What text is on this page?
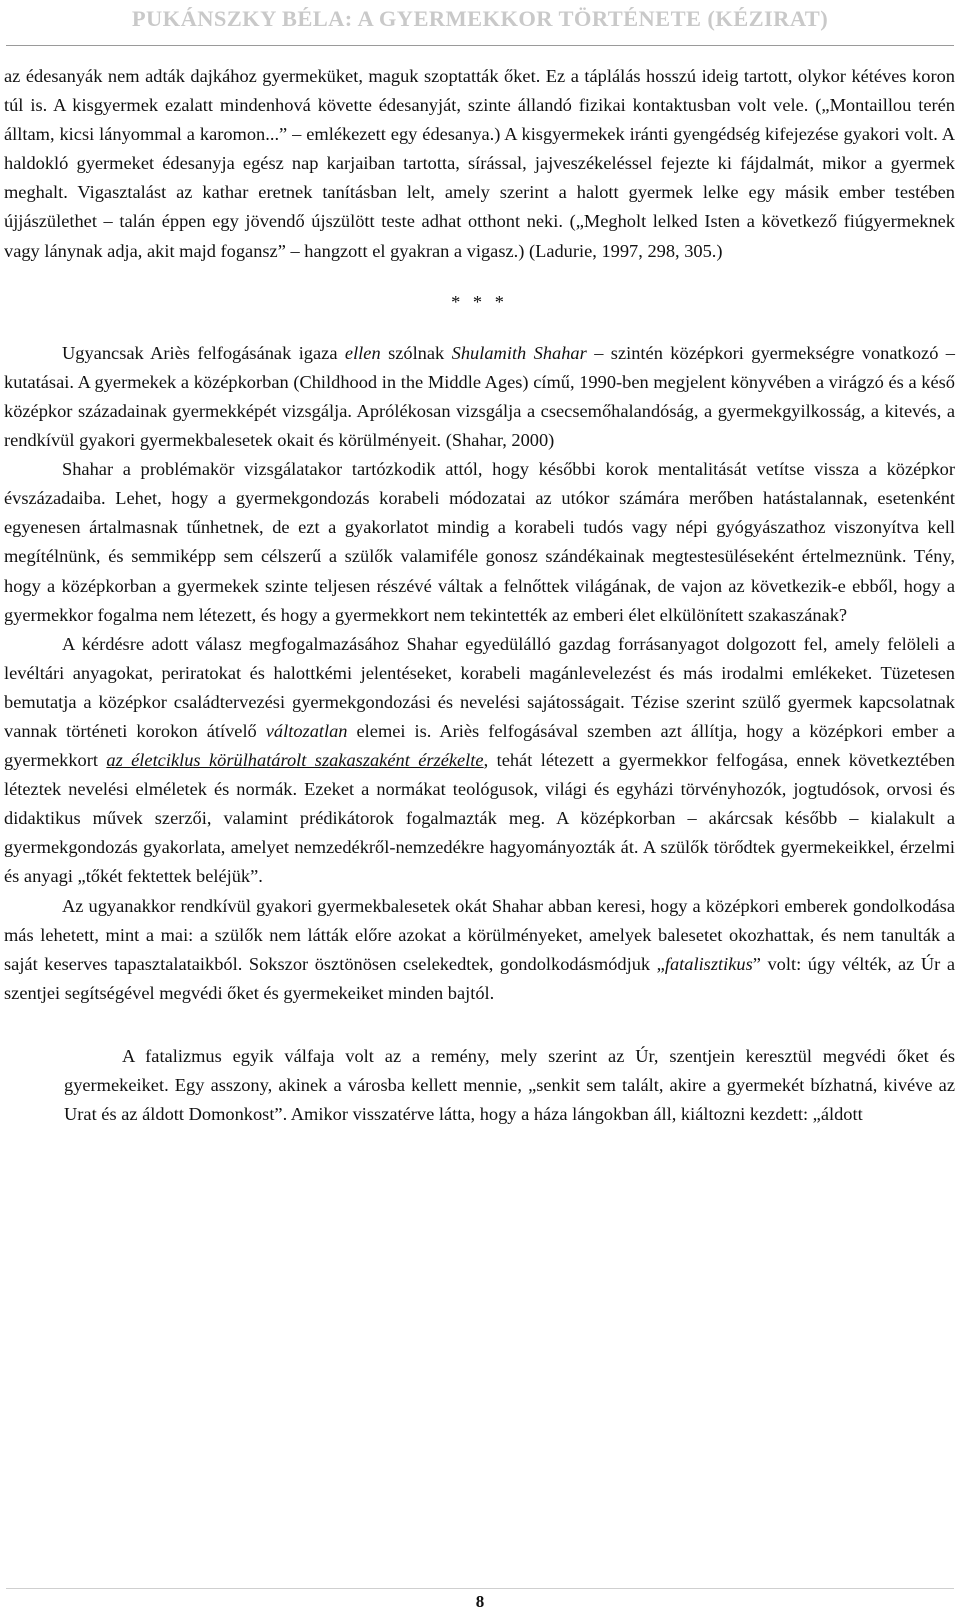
PUKÁNSZKY BÉLA: A GYERMEKKOR TÖRTÉNETE (KÉZIRAT)

az édesanyák nem adták dajkához gyermeküket, maguk szoptatták őket. Ez a táplálás hosszú ideig tartott, olykor kétéves koron túl is. A kisgyermek ezalatt mindenhová követte édesanyját, szinte állandó fizikai kontaktusban volt vele. („Montaillou terén álltam, kicsi lányommal a karomon...” – emlékezett egy édesanya.) A kisgyermekek iránti gyengédség kifejezése gyakori volt. A haldokló gyermeket édesanyja egész nap karjaiban tartotta, sírással, jajveszékeléssel fejezte ki fájdalmát, mikor a gyermek meghalt. Vigasztalást az kathar eretnek tanításban lelt, amely szerint a halott gyermek lelke egy másik ember testében újjászülethet – talán éppen egy jövendő újszülött teste adhat otthont neki. („Megholt lelked Isten a következő fiúgyermeknek vagy lánynak adja, akit majd fogansz” – hangzott el gyakran a vigasz.) (Ladurie, 1997, 298, 305.)

* * *

Ugyancsak Ariès felfogásának igaza ellen szólnak Shulamith Shahar – szintén középkori gyermekségre vonatkozó – kutatásai. A gyermekek a középkorban (Childhood in the Middle Ages) című, 1990-ben megjelent könyvében a virágzó és a késő középkor századainak gyermekképét vizsgálja. Aprólékosan vizsgálja a csecsemőhalandóság, a gyermekgyilkosság, a kitevés, a rendkívül gyakori gyermekbalesetek okait és körülményeit. (Shahar, 2000)

Shahar a problémakör vizsgálatakor tartózkodik attól, hogy későbbi korok mentalitását vetítse vissza a középkor évszázadaiba. Lehet, hogy a gyermekgondozás korabeli módozatai az utókor számára merőben hatástalannak, esetenként egyenesen ártalmasnak tűnhetnek, de ezt a gyakorlatot mindig a korabeli tudós vagy népi gyógyászathoz viszonyítva kell megítélnünk, és semmiképp sem célszerű a szülők valamiféle gonosz szándékainak megtestesüléseként értelmeznünk. Tény, hogy a középkorban a gyermekek szinte teljesen részévé váltak a felnőttek világának, de vajon az következik-e ebből, hogy a gyermekkor fogalma nem létezett, és hogy a gyermekkort nem tekintették az emberi élet elkülönített szakaszának?

A kérdésre adott válasz megfogalmazásához Shahar egyedülálló gazdag forrásanyagot dolgozott fel, amely felöleli a levéltári anyagokat, periratokat és halottkémi jelentéseket, korabeli magánlevelezést és más irodalmi emlékeket. Tüzetesen bemutatja a középkor családtervezési gyermekgondozási és nevelési sajátosságait. Tézise szerint szülő gyermek kapcsolatnak vannak történeti korokon átívelő változatlan elemei is. Ariès felfogásával szemben azt állítja, hogy a középkori ember a gyermekkort az életciklus körülhatárolt szakaszaként érzékelte, tehát létezett a gyermekkor felfogása, ennek következtében léteztek nevelési elméletek és normák. Ezeket a normákat teológusok, világi és egyházi törvényhozók, jogtudósok, orvosi és didaktikus művek szerzői, valamint prédikátorok fogalmazták meg. A középkorban – akárcsak később – kialakult a gyermekgondozás gyakorlata, amelyet nemzedékről-nemzedékre hagyományozták át. A szülők törődtek gyermekeikkel, érzelmi és anyagi „tőkét fektettek beléjük”.

Az ugyanakkor rendkívül gyakori gyermekbalesetek okát Shahar abban keresi, hogy a középkori emberek gondolkodása más lehetett, mint a mai: a szülők nem látták előre azokat a körülményeket, amelyek balesetet okozhattak, és nem tanulták a saját keserves tapasztalataikból. Sokszor ösztönösen cselekedtek, gondolkodásmódjuk „fatalisztikus” volt: úgy vélték, az Úr a szentjei segítségével megvédi őket és gyermekeiket minden bajtól.

A fatalizmus egyik válfaja volt az a remény, mely szerint az Úr, szentjein keresztül megvédi őket és gyermekeiket. Egy asszony, akinek a városba kellett mennie, „senkit sem talált, akire a gyermekét bízhatná, kivéve az Urat és az áldott Domonkost”. Amikor visszatérve látta, hogy a háza lángokban áll, kiáltozni kezdett: „áldott

8
